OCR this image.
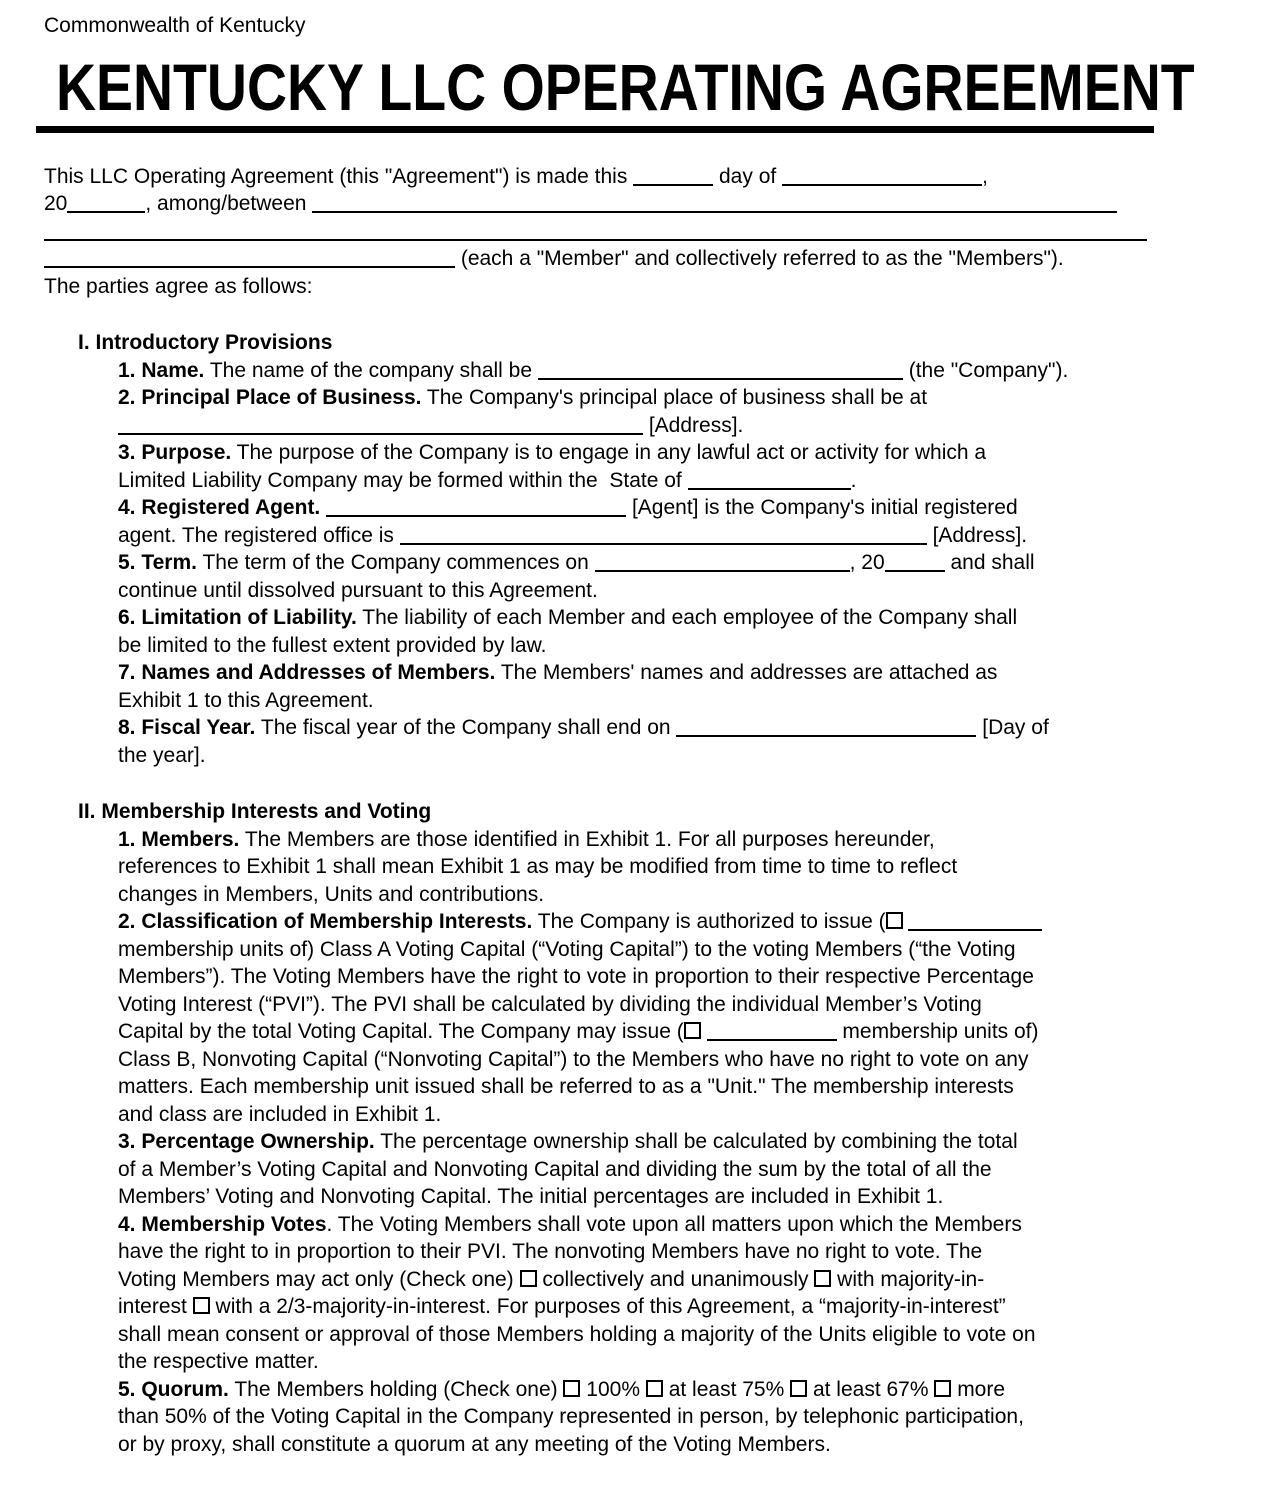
Commonwealth of Kentucky
KENTUCKY LLC OPERATING AGREEMENT
This LLC Operating Agreement (this "Agreement") is made this	day of	,
20	, among/between
(each a "Member" and collectively referred to as the "Members").
The parties agree as follows:
I. Introductory Provisions
1. Name. The name of the company shall be	(the "Company").
2. Principal Place of Business. The Company's principal place of business shall be at
[Address].
3. Purpose. The purpose of the Company is to engage in any lawful act or activity for which a
Limited Liability Company may be formed within the  State of	.
4. Registered Agent.	[Agent] is the Company's initial registered
agent. The registered office is	[Address].
5. Term. The term of the Company commences on	, 20	and shall
continue until dissolved pursuant to this Agreement.
6. Limitation of Liability. The liability of each Member and each employee of the Company shall
be limited to the fullest extent provided by law.
7. Names and Addresses of Members. The Members' names and addresses are attached as
Exhibit 1 to this Agreement.
8. Fiscal Year. The fiscal year of the Company shall end on	[Day of
the year].
II. Membership Interests and Voting
1. Members. The Members are those identified in Exhibit 1. For all purposes hereunder,
references to Exhibit 1 shall mean Exhibit 1 as may be modified from time to time to reflect
changes in Members, Units and contributions.
2. Classification of Membership Interests. The Company is authorized to issue (
membership units of) Class A Voting Capital (“Voting Capital”) to the voting Members (“the Voting
Members”). The Voting Members have the right to vote in proportion to their respective Percentage
Voting Interest (“PVI”). The PVI shall be calculated by dividing the individual Member’s Voting
Capital by the total Voting Capital. The Company may issue (	membership units of)
Class B, Nonvoting Capital (“Nonvoting Capital”) to the Members who have no right to vote on any
matters. Each membership unit issued shall be referred to as a "Unit." The membership interests
and class are included in Exhibit 1.
3. Percentage Ownership. The percentage ownership shall be calculated by combining the total
of a Member’s Voting Capital and Nonvoting Capital and dividing the sum by the total of all the
Members’ Voting and Nonvoting Capital. The initial percentages are included in Exhibit 1.
4. Membership Votes. The Voting Members shall vote upon all matters upon which the Members
have the right to in proportion to their PVI. The nonvoting Members have no right to vote. The
Voting Members may act only (Check one)  collectively and unanimously  with majority-in-
interest  with a 2/3-majority-in-interest. For purposes of this Agreement, a “majority-in-interest”
shall mean consent or approval of those Members holding a majority of the Units eligible to vote on
the respective matter.
5. Quorum. The Members holding (Check one)  100%  at least 75%  at least 67%  more
than 50% of the Voting Capital in the Company represented in person, by telephonic participation,
or by proxy, shall constitute a quorum at any meeting of the Voting Members.
